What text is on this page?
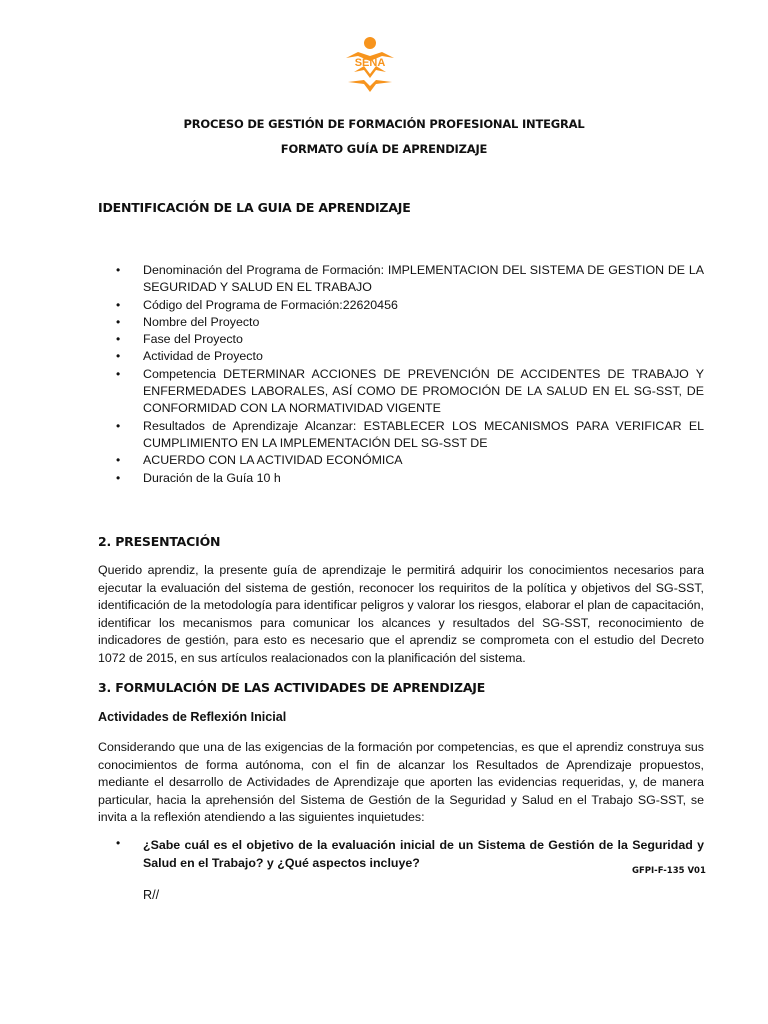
SENA
PROCESO DE GESTIÓN DE FORMACIÓN PROFESIONAL INTEGRAL
FORMATO GUÍA DE APRENDIZAJE
IDENTIFICACIÓN DE LA GUIA DE APRENDIZAJE
• Denominación del Programa de Formación: IMPLEMENTACION DEL SISTEMA DE GESTION DE LA SEGURIDAD Y SALUD EN EL TRABAJO
• Código del Programa de Formación:22620456
• Nombre del Proyecto
• Fase del Proyecto
• Actividad de Proyecto
• Competencia DETERMINAR ACCIONES DE PREVENCIÓN DE ACCIDENTES DE TRABAJO Y ENFERMEDADES LABORALES, ASÍ COMO DE PROMOCIÓN DE LA SALUD EN EL SG-SST, DE CONFORMIDAD CON LA NORMATIVIDAD VIGENTE
• Resultados de Aprendizaje Alcanzar: ESTABLECER LOS MECANISMOS PARA VERIFICAR EL CUMPLIMIENTO EN LA IMPLEMENTACIÓN DEL SG-SST DE
• ACUERDO CON LA ACTIVIDAD ECONÓMICA
• Duración de la Guía 10 h
2. PRESENTACIÓN

Querido aprendiz, la presente guía de aprendizaje le permitirá adquirir los conocimientos necesarios para ejecutar la evaluación del sistema de gestión, reconocer los requiritos de la política y objetivos del SG-SST, identificación de la metodología para identificar peligros y valorar los riesgos, elaborar el plan de capacitación, identificar los mecanismos para comunicar los alcances y resultados del SG-SST, reconocimiento de indicadores de gestión, para esto es necesario que el aprendiz se comprometa con el estudio del Decreto 1072 de 2015, en sus artículos realacionados con la planificación del sistema.

3. FORMULACIÓN DE LAS ACTIVIDADES DE APRENDIZAJE
Actividades de Reflexión Inicial

Considerando que una de las exigencias de la formación por competencias, es que el aprendiz construya sus conocimientos de forma autónoma, con el fin de alcanzar los Resultados de Aprendizaje propuestos, mediante el desarrollo de Actividades de Aprendizaje que aporten las evidencias requeridas, y, de manera particular, hacia la aprehensión del Sistema de Gestión de la Seguridad y Salud en el Trabajo SG-SST, se invita a la reflexión atendiendo a las siguientes inquietudes:

• ¿Sabe cuál es el objetivo de la evaluación inicial de un Sistema de Gestión de la Seguridad y Salud en el Trabajo? y ¿Qué aspectos incluye?
GFPI-F-135 V01
R//
